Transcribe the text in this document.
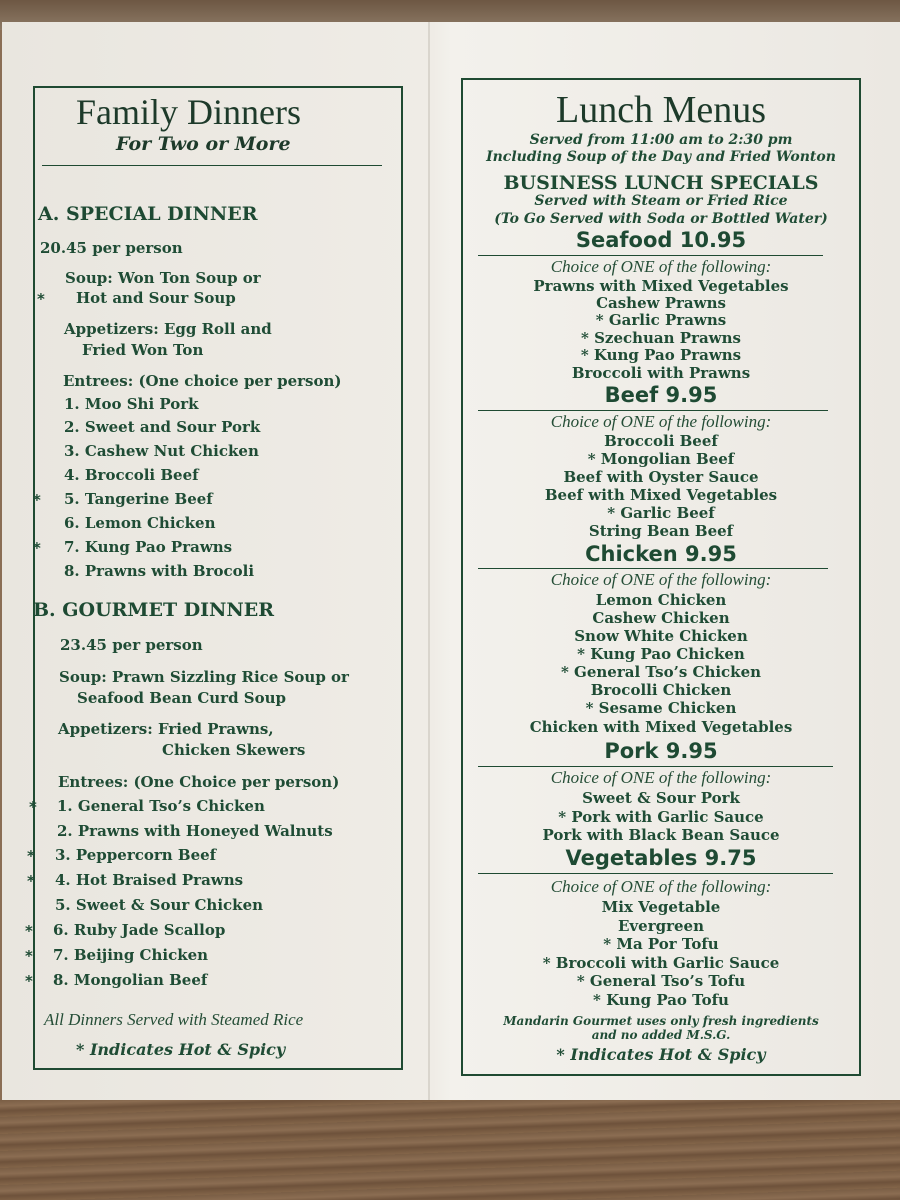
Family Dinners
For Two or More
A. SPECIAL DINNER
20.45 per person
Soup: Won Ton Soup or
* Hot and Sour Soup
Appetizers: Egg Roll and
Fried Won Ton
Entrees: (One choice per person)
1. Moo Shi Pork
2. Sweet and Sour Pork
3. Cashew Nut Chicken
4. Broccoli Beef
* 5. Tangerine Beef
6. Lemon Chicken
* 7. Kung Pao Prawns
8. Prawns with Brocoli
B. GOURMET DINNER
23.45 per person
Soup: Prawn Sizzling Rice Soup or
Seafood Bean Curd Soup
Appetizers: Fried Prawns,
Chicken Skewers
Entrees: (One Choice per person)
* 1. General Tso’s Chicken
2. Prawns with Honeyed Walnuts
* 3. Peppercorn Beef
* 4. Hot Braised Prawns
5. Sweet & Sour Chicken
* 6. Ruby Jade Scallop
* 7. Beijing Chicken
* 8. Mongolian Beef
All Dinners Served with Steamed Rice
* Indicates Hot & Spicy
Lunch Menus
Served from 11:00 am to 2:30 pm
Including Soup of the Day and Fried Wonton
BUSINESS LUNCH SPECIALS
Served with Steam or Fried Rice
(To Go Served with Soda or Bottled Water)
Seafood 10.95
Choice of ONE of the following:
Prawns with Mixed Vegetables
Cashew Prawns
* Garlic Prawns
* Szechuan Prawns
* Kung Pao Prawns
Broccoli with Prawns
Beef 9.95
Choice of ONE of the following:
Broccoli Beef
* Mongolian Beef
Beef with Oyster Sauce
Beef with Mixed Vegetables
* Garlic Beef
String Bean Beef
Chicken 9.95
Choice of ONE of the following:
Lemon Chicken
Cashew Chicken
Snow White Chicken
* Kung Pao Chicken
* General Tso’s Chicken
Brocolli Chicken
* Sesame Chicken
Chicken with Mixed Vegetables
Pork 9.95
Choice of ONE of the following:
Sweet & Sour Pork
* Pork with Garlic Sauce
Pork with Black Bean Sauce
Vegetables 9.75
Choice of ONE of the following:
Mix Vegetable
Evergreen
* Ma Por Tofu
* Broccoli with Garlic Sauce
* General Tso’s Tofu
* Kung Pao Tofu
Mandarin Gourmet uses only fresh ingredients
and no added M.S.G.
* Indicates Hot & Spicy
